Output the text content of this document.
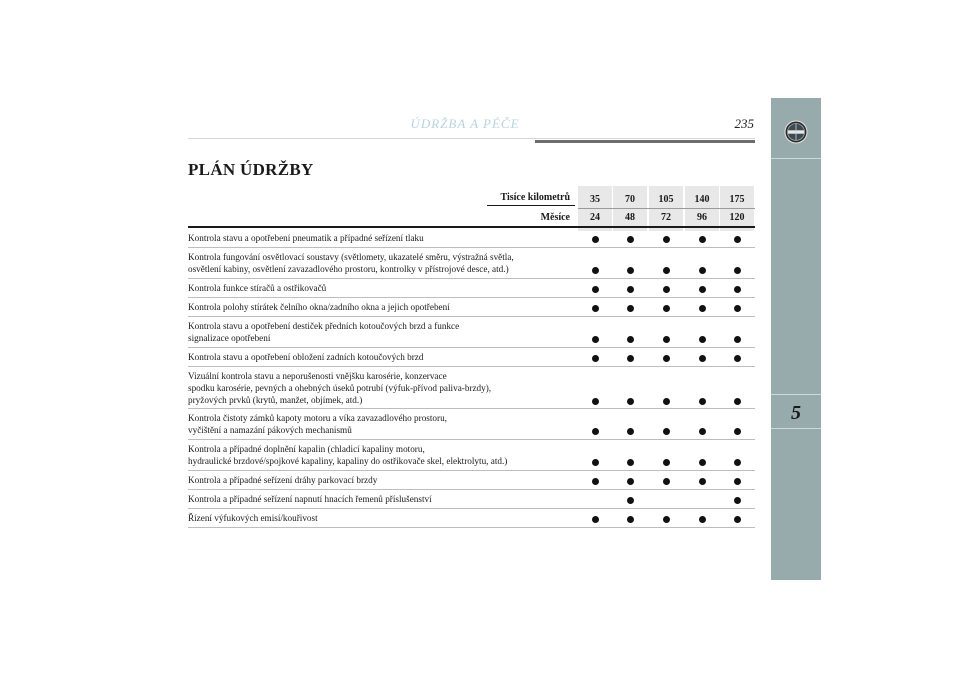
ÚDRŽBA A PÉČE	235
5
PLÁN ÚDRŽBY
35
24
70
48
105
72
140
96
175
120
Tisíce kilometrů
Měsíce
Kontrola stavu a opotřebení pneumatik a případné seřízení tlaku
Kontrola fungování osvětlovací soustavy (světlomety, ukazatelé směru, výstražná světla,
osvětlení kabiny, osvětlení zavazadlového prostoru, kontrolky v přístrojové desce, atd.)
Kontrola funkce stíračů a ostřikovačů
Kontrola polohy stírátek čelního okna/zadního okna a jejich opotřebení
Kontrola stavu a opotřebení destiček předních kotoučových brzd a funkce
signalizace opotřebení
Kontrola stavu a opotřebení obložení zadních kotoučových brzd
Vizuální kontrola stavu a neporušenosti vnějšku karosérie, konzervace
spodku karosérie, pevných a ohebných úseků potrubí (výfuk-přívod paliva-brzdy),
pryžových prvků (krytů, manžet, objímek, atd.)
Kontrola čistoty zámků kapoty motoru a víka zavazadlového prostoru,
vyčištění a namazání pákových mechanismů
Kontrola a případné doplnění kapalin (chladicí kapaliny motoru,
hydraulické brzdové/spojkové kapaliny, kapaliny do ostřikovače skel, elektrolytu, atd.)
Kontrola a případné seřízení dráhy parkovací brzdy
Kontrola a případné seřízení napnutí hnacích řemenů příslušenství
Řízení výfukových emisí/kouřivost
